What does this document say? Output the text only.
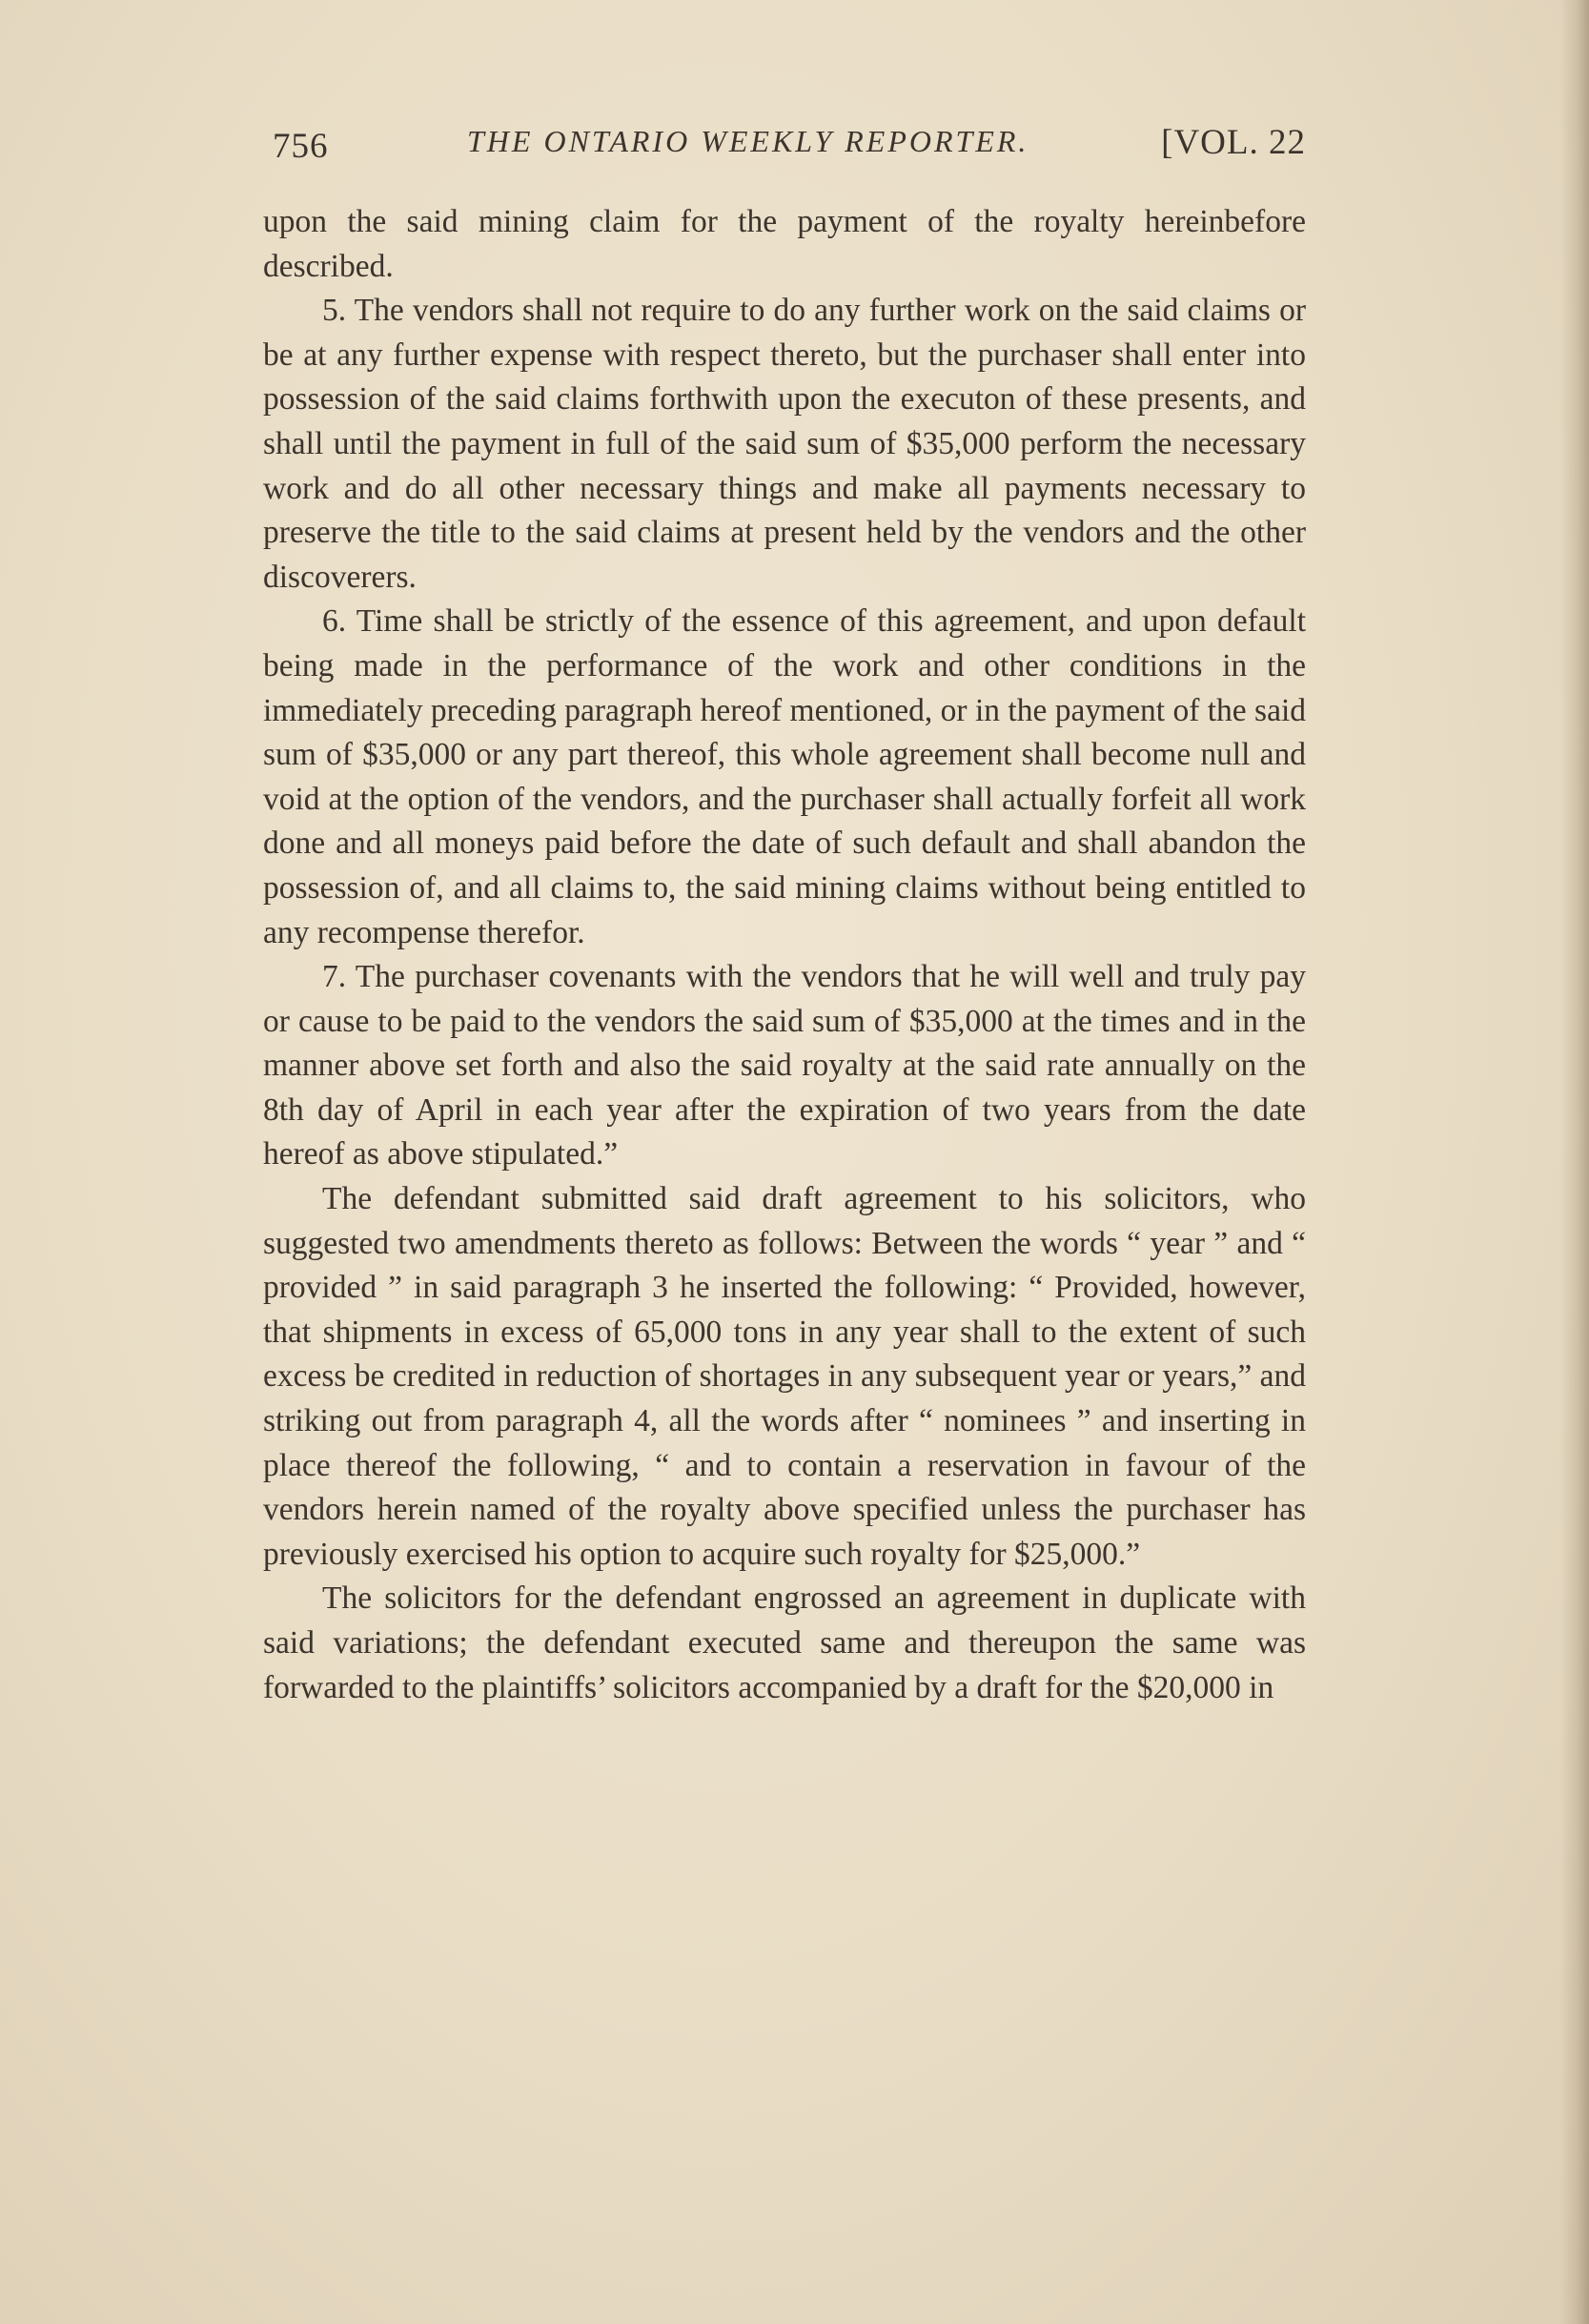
756	THE ONTARIO WEEKLY REPORTER.	[VOL. 22

upon the said mining claim for the payment of the royalty hereinbefore described.

5. The vendors shall not require to do any further work on the said claims or be at any further expense with respect thereto, but the purchaser shall enter into possession of the said claims forthwith upon the executon of these presents, and shall until the payment in full of the said sum of $35,000 perform the necessary work and do all other necessary things and make all payments necessary to preserve the title to the said claims at present held by the vendors and the other discoverers.

6. Time shall be strictly of the essence of this agreement, and upon default being made in the performance of the work and other conditions in the immediately preceding paragraph hereof mentioned, or in the payment of the said sum of $35,000 or any part thereof, this whole agreement shall become null and void at the option of the vendors, and the purchaser shall actually forfeit all work done and all moneys paid before the date of such default and shall abandon the possession of, and all claims to, the said mining claims without being entitled to any recompense therefor.

7. The purchaser covenants with the vendors that he will well and truly pay or cause to be paid to the vendors the said sum of $35,000 at the times and in the manner above set forth and also the said royalty at the said rate annually on the 8th day of April in each year after the expiration of two years from the date hereof as above stipulated.”

The defendant submitted said draft agreement to his solicitors, who suggested two amendments thereto as follows: Between the words “ year ” and “ provided ” in said paragraph 3 he inserted the following: “ Provided, however, that shipments in excess of 65,000 tons in any year shall to the extent of such excess be credited in reduction of shortages in any subsequent year or years,” and striking out from paragraph 4, all the words after “ nominees ” and inserting in place thereof the following, “ and to contain a reservation in favour of the vendors herein named of the royalty above specified unless the purchaser has previously exercised his option to acquire such royalty for $25,000.”

The solicitors for the defendant engrossed an agreement in duplicate with said variations; the defendant executed same and thereupon the same was forwarded to the plaintiffs’ solicitors accompanied by a draft for the $20,000 in
